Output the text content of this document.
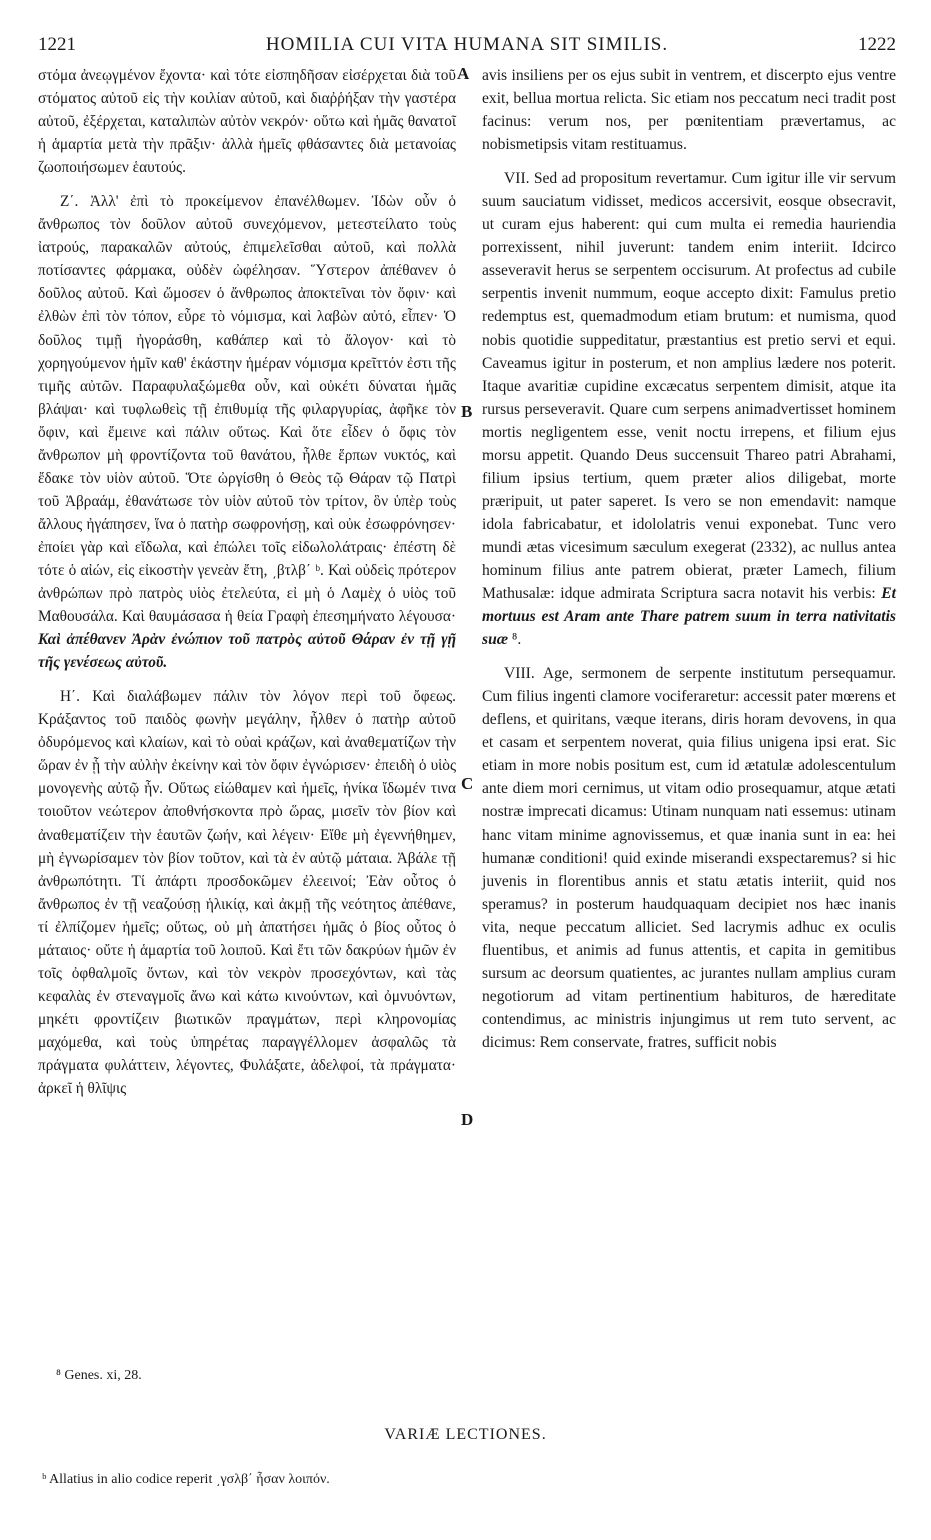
1221	HOMILIA CUI VITA HUMANA SIT SIMILIS.	1222

στόμα ἀνεῳγμένον ἔχοντα· καὶ τότε εἰσπηδῆσαν εἰσέρχεται διὰ τοῦ στόματος αὐτοῦ εἰς τὴν κοιλίαν αὐτοῦ, καὶ διαῤῥήξαν τὴν γαστέρα αὐτοῦ, ἐξέρχεται, καταλιπὼν αὐτὸν νεκρόν· οὕτω καὶ ἡμᾶς θανατοῖ ἡ ἁμαρτία μετὰ τὴν πρᾶξιν· ἀλλὰ ἡμεῖς φθάσαντες διὰ μετανοίας ζωοποιήσωμεν ἑαυτούς.

Ζ΄. Ἀλλ' ἐπὶ τὸ προκείμενον ἐπανέλθωμεν. Ἰδὼν οὖν ὁ ἄνθρωπος τὸν δοῦλον αὐτοῦ συνεχόμενον, μετεστείλατο τοὺς ἰατρούς, παρακαλῶν αὐτούς, ἐπιμελεῖσθαι αὐτοῦ, καὶ πολλὰ ποτίσαντες φάρμακα, οὐδὲν ὠφέλησαν. Ὕστερον ἀπέθανεν ὁ δοῦλος αὐτοῦ. Καὶ ὤμοσεν ὁ ἄνθρωπος ἀποκτεῖναι τὸν ὄφιν· καὶ ἐλθὼν ἐπὶ τὸν τόπον, εὗρε τὸ νόμισμα, καὶ λαβὼν αὐτό, εἶπεν· Ὁ δοῦλος τιμῇ ἠγοράσθη, καθάπερ καὶ τὸ ἄλογον· καὶ τὸ χορηγούμενον ἡμῖν καθ' ἑκάστην ἡμέραν νόμισμα κρεῖττόν ἐστι τῆς τιμῆς αὐτῶν. Παραφυλαξώμεθα οὖν, καὶ οὐκέτι δύναται ἡμᾶς βλάψαι· καὶ τυφλωθεὶς τῇ ἐπιθυμίᾳ τῆς φιλαργυρίας, ἀφῆκε τὸν ὄφιν, καὶ ἔμεινε καὶ πάλιν οὕτως. Καὶ ὅτε εἶδεν ὁ ὄφις τὸν ἄνθρωπον μὴ φροντίζοντα τοῦ θανάτου, ἦλθε ἕρπων νυκτός, καὶ ἔδακε τὸν υἱὸν αὐτοῦ. Ὅτε ὠργίσθη ὁ Θεὸς τῷ Θάραν τῷ Πατρὶ τοῦ Ἀβραάμ, ἐθανάτωσε τὸν υἱὸν αὐτοῦ τὸν τρίτον, ὃν ὑπὲρ τοὺς ἄλλους ἠγάπησεν, ἵνα ὁ πατὴρ σωφρονήσῃ, καὶ οὐκ ἐσωφρόνησεν· ἐποίει γὰρ καὶ εἴδωλα, καὶ ἐπώλει τοῖς εἰδωλολάτραις· ἐπέστη δὲ τότε ὁ αἰών, εἰς εἰκοστὴν γενεὰν ἔτη, ͵βτλβ΄ ᵇ. Καὶ οὐδεὶς πρότερον ἀνθρώπων πρὸ πατρὸς υἱὸς ἐτελεύτα, εἰ μὴ ὁ Λαμὲχ ὁ υἱὸς τοῦ Μαθουσάλα. Καὶ θαυμάσασα ἡ θεία Γραφὴ ἐπεσημήνατο λέγουσα· Καὶ ἀπέθανεν Ἀρὰν ἐνώπιον τοῦ πατρὸς αὐτοῦ Θάραν ἐν τῇ γῇ τῆς γενέσεως αὐτοῦ.

Η΄. Καὶ διαλάβωμεν πάλιν τὸν λόγον περὶ τοῦ ὄφεως. Κράξαντος τοῦ παιδὸς φωνὴν μεγάλην, ἦλθεν ὁ πατὴρ αὐτοῦ ὀδυρόμενος καὶ κλαίων, καὶ τὸ οὐαὶ κράζων, καὶ ἀναθεματίζων τὴν ὥραν ἐν ᾗ τὴν αὐλὴν ἐκείνην καὶ τὸν ὄφιν ἐγνώρισεν· ἐπειδὴ ὁ υἱὸς μονογενὴς αὐτῷ ἦν. Οὕτως εἰώθαμεν καὶ ἡμεῖς, ἡνίκα ἴδωμέν τινα τοιοῦτον νεώτερον ἀποθνήσκοντα πρὸ ὥρας, μισεῖν τὸν βίον καὶ ἀναθεματίζειν τὴν ἑαυτῶν ζωήν, καὶ λέγειν· Εἴθε μὴ ἐγεννήθημεν, μὴ ἐγνωρίσαμεν τὸν βίον τοῦτον, καὶ τὰ ἐν αὐτῷ μάταια. Ἀβάλε τῇ ἀνθρωπότητι. Τί ἀπάρτι προσδοκῶμεν ἐλεεινοί; Ἐὰν οὗτος ὁ ἄνθρωπος ἐν τῇ νεαζούσῃ ἡλικίᾳ, καὶ ἀκμῇ τῆς νεότητος ἀπέθανε, τί ἐλπίζομεν ἡμεῖς; οὕτως, οὐ μὴ ἀπατήσει ἡμᾶς ὁ βίος οὗτος ὁ μάταιος· οὔτε ἡ ἁμαρτία τοῦ λοιποῦ. Καὶ ἔτι τῶν δακρύων ἡμῶν ἐν τοῖς ὀφθαλμοῖς ὄντων, καὶ τὸν νεκρὸν προσεχόντων, καὶ τὰς κεφαλὰς ἐν στεναγμοῖς ἄνω καὶ κάτω κινούντων, καὶ ὀμνυόντων, μηκέτι φροντίζειν βιωτικῶν πραγμάτων, περὶ κληρονομίας μαχόμεθα, καὶ τοὺς ὑπηρέτας παραγγέλλομεν ἀσφαλῶς τὰ πράγματα φυλάττειν, λέγοντες, Φυλάξατε, ἀδελφοί, τὰ πράγματα· ἀρκεῖ ἡ θλῖψις

A
B
C
D

avis insiliens per os ejus subit in ventrem, et discerpto ejus ventre exit, bellua mortua relicta. Sic etiam nos peccatum neci tradit post facinus: verum nos, per pœnitentiam prævertamus, ac nobismetipsis vitam restituamus.

VII. Sed ad propositum revertamur. Cum igitur ille vir servum suum sauciatum vidisset, medicos accersivit, eosque obsecravit, ut curam ejus haberent: qui cum multa ei remedia hauriendia porrexissent, nihil juverunt: tandem enim interiit. Idcirco asseveravit herus se serpentem occisurum. At profectus ad cubile serpentis invenit nummum, eoque accepto dixit: Famulus pretio redemptus est, quemadmodum etiam brutum: et numisma, quod nobis quotidie suppeditatur, præstantius est pretio servi et equi. Caveamus igitur in posterum, et non amplius lædere nos poterit. Itaque avaritiæ cupidine excæcatus serpentem dimisit, atque ita rursus perseveravit. Quare cum serpens animadvertisset hominem mortis negligentem esse, venit noctu irrepens, et filium ejus morsu appetit. Quando Deus succensuit Thareo patri Abrahami, filium ipsius tertium, quem præter alios diligebat, morte præripuit, ut pater saperet. Is vero se non emendavit: namque idola fabricabatur, et idololatris venui exponebat. Tunc vero mundi ætas vicesimum sæculum exegerat (2332), ac nullus antea hominum filius ante patrem obierat, præter Lamech, filium Mathusalæ: idque admirata Scriptura sacra notavit his verbis: Et mortuus est Aram ante Thare patrem suum in terra nativitatis suæ ⁸.

VIII. Age, sermonem de serpente institutum persequamur. Cum filius ingenti clamore vociferaretur: accessit pater mœrens et deflens, et quiritans, væque iterans, diris horam devovens, in qua et casam et serpentem noverat, quia filius unigena ipsi erat. Sic etiam in more nobis positum est, cum id ætatulæ adolescentulum ante diem mori cernimus, ut vitam odio prosequamur, atque ætati nostræ imprecati dicamus: Utinam nunquam nati essemus: utinam hanc vitam minime agnovissemus, et quæ inania sunt in ea: hei humanæ conditioni! quid exinde miserandi exspectaremus? si hic juvenis in florentibus annis et statu ætatis interiit, quid nos speramus? in posterum haudquaquam decipiet nos hæc inanis vita, neque peccatum alliciet. Sed lacrymis adhuc ex oculis fluentibus, et animis ad funus attentis, et capita in gemitibus sursum ac deorsum quatientes, ac jurantes nullam amplius curam negotiorum ad vitam pertinentium habituros, de hæreditate contendimus, ac ministris injungimus ut rem tuto servent, ac dicimus: Rem conservate, fratres, sufficit nobis

⁸ Genes. xi, 28.
VARIÆ LECTIONES.
ᵇ Allatius in alio codice reperit ͵γσλβ΄ ἦσαν λοιπόν.
